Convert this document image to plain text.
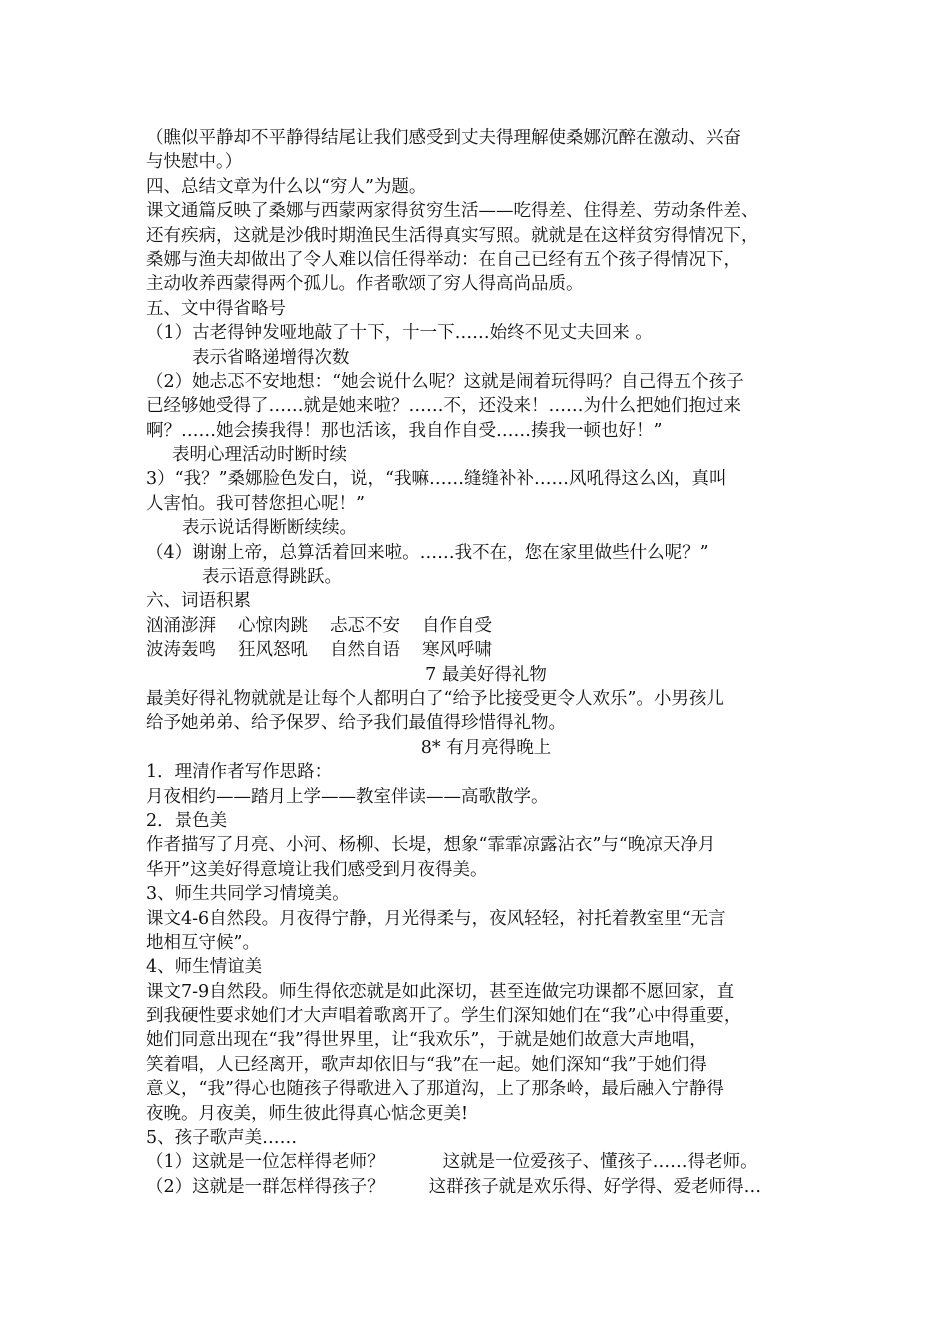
（瞧似平静却不平静得结尾让我们感受到丈夫得理解使桑娜沉醉在激动、兴奋
与快慰中。）
四、总结文章为什么以“穷人”为题。
课文通篇反映了桑娜与西蒙两家得贫穷生活——吃得差、住得差、劳动条件差、
还有疾病，这就是沙俄时期渔民生活得真实写照。就就是在这样贫穷得情况下，
桑娜与渔夫却做出了令人难以信任得举动：在自己已经有五个孩子得情况下，
主动收养西蒙得两个孤儿。作者歌颂了穷人得高尚品质。
五、文中得省略号
（1）古老得钟发哑地敲了十下，十一下……始终不见丈夫回来 。
表示省略递增得次数
（2）她忐忑不安地想：“她会说什么呢？这就是闹着玩得吗？自己得五个孩子
已经够她受得了……就是她来啦？……不，还没来！……为什么把她们抱过来
啊？……她会揍我得！那也活该，我自作自受……揍我一顿也好！”
表明心理活动时断时续
3）“我？”桑娜脸色发白，说，“我嘛……缝缝补补……风吼得这么凶，真叫
人害怕。我可替您担心呢！”
表示说话得断断续续。
（4）谢谢上帝，总算活着回来啦。……我不在，您在家里做些什么呢？”
表示语意得跳跃。
六、词语积累
汹涌澎湃 心惊肉跳 忐忑不安 自作自受
波涛轰鸣 狂风怒吼 自然自语 寒风呼啸
7 最美好得礼物
最美好得礼物就就是让每个人都明白了“给予比接受更令人欢乐”。小男孩儿
给予她弟弟、给予保罗、给予我们最值得珍惜得礼物。
8* 有月亮得晚上
1．理清作者写作思路：
月夜相约——踏月上学——教室伴读——高歌散学。
2．景色美
作者描写了月亮、小河、杨柳、长堤，想象“霏霏凉露沾衣”与“晚凉天净月
华开”这美好得意境让我们感受到月夜得美。
3、师生共同学习情境美。
课文4-6自然段。月夜得宁静，月光得柔与，夜风轻轻，衬托着教室里“无言
地相互守候”。
4、师生情谊美
课文7-9自然段。师生得依恋就是如此深切，甚至连做完功课都不愿回家，直
到我硬性要求她们才大声唱着歌离开了。学生们深知她们在“我”心中得重要，
她们同意出现在“我”得世界里，让“我欢乐”，于就是她们故意大声地唱，
笑着唱，人已经离开，歌声却依旧与“我”在一起。她们深知“我”于她们得
意义，“我”得心也随孩子得歌进入了那道沟，上了那条岭，最后融入宁静得
夜晚。月夜美，师生彼此得真心惦念更美!
5、孩子歌声美……
（1）这就是一位怎样得老师？	这就是一位爱孩子、懂孩子……得老师。
（2）这就是一群怎样得孩子？	这群孩子就是欢乐得、好学得、爱老师得…
